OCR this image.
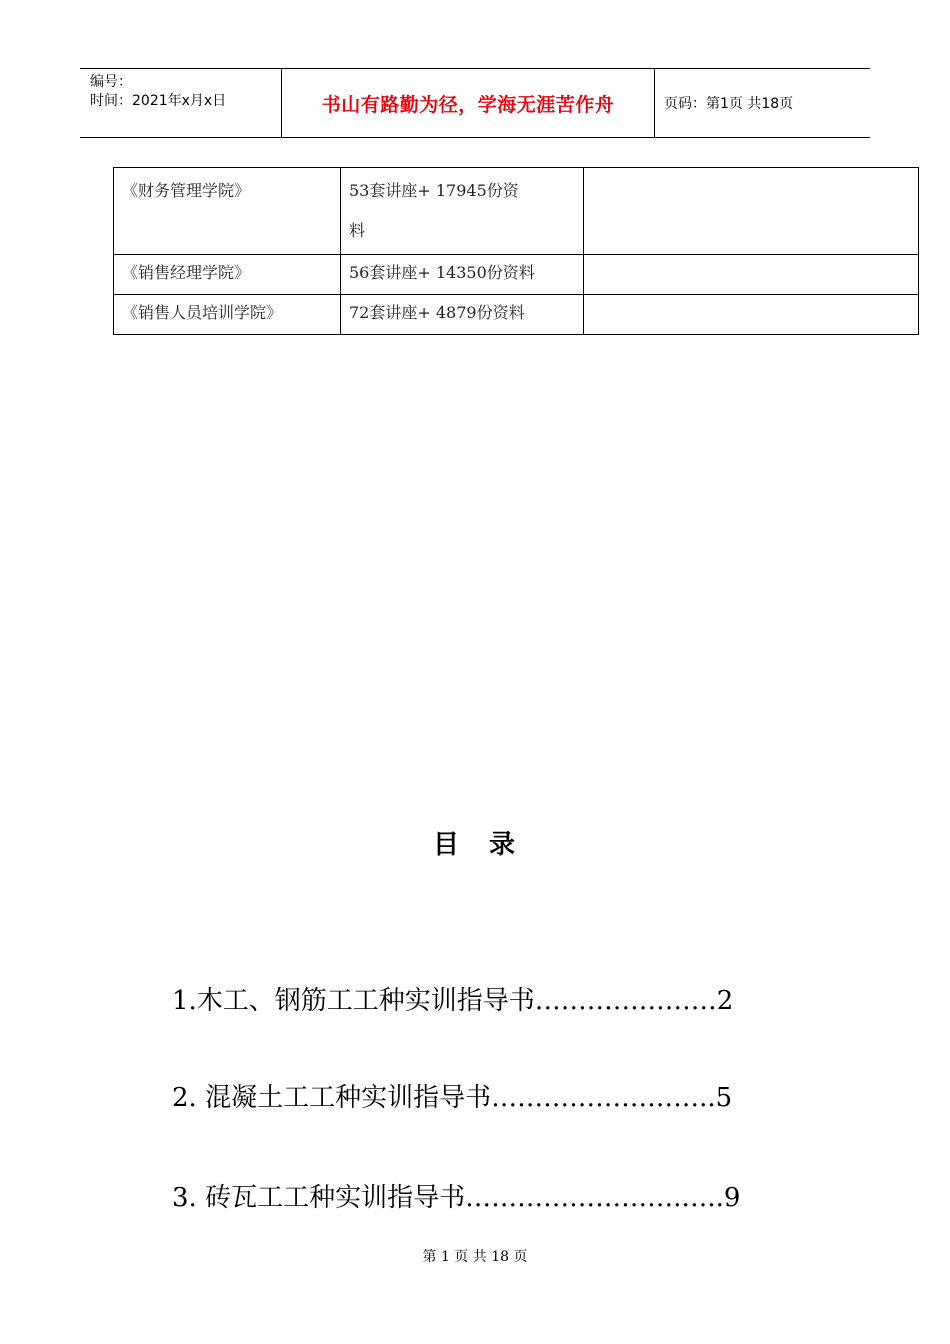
编号：
时间：2021年x月x日	书山有路勤为径，学海无涯苦作舟	页码：第1页 共18页
《财务管理学院》	53套讲座+ 17945份资
料	
《销售经理学院》	56套讲座+ 14350份资料	
《销售人员培训学院》	72套讲座+ 4879份资料	
目录
1.木工、钢筋工工种实训指导书…………………2
2. 混凝土工工种实训指导书……………………..5
3. 砖瓦工工种实训指导书…………………….…..9
第 1 页 共 18 页
